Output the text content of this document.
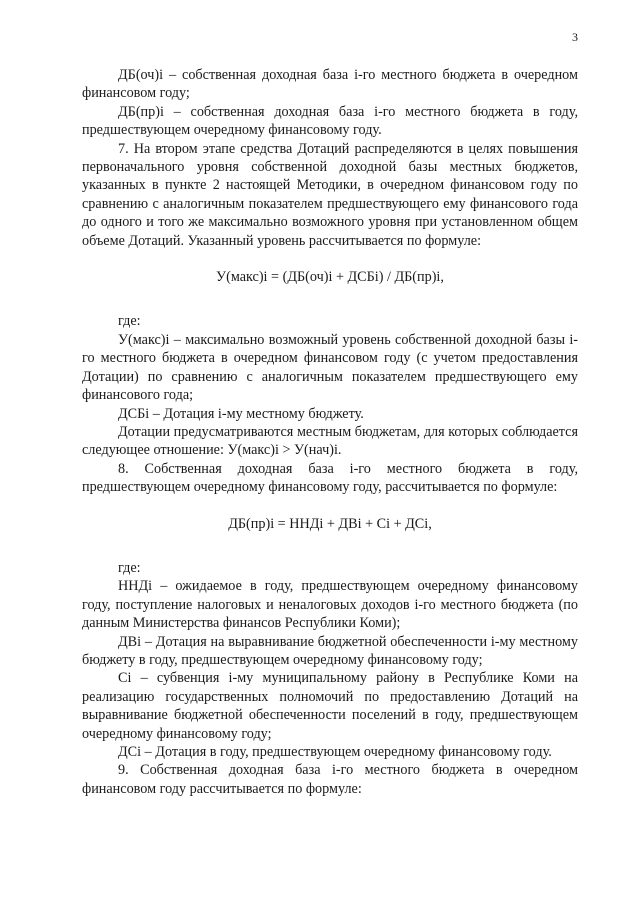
3

ДБ(оч)i – собственная доходная база i-го местного бюджета в очередном финансовом году;

ДБ(пр)i – собственная доходная база i-го местного бюджета в году, предшествующем очередному финансовому году.

7. На втором этапе средства Дотаций распределяются в целях повышения первоначального уровня собственной доходной базы местных бюджетов, указанных в пункте 2 настоящей Методики, в очередном финансовом году по сравнению с аналогичным показателем предшествующего ему финансового года до одного и того же максимально возможного уровня при установленном общем объеме Дотаций. Указанный уровень рассчитывается по формуле:

У(макс)i = (ДБ(оч)i + ДСБi) / ДБ(пр)i,

где:

У(макс)i – максимально возможный уровень собственной доходной базы i-го местного бюджета в очередном финансовом году (с учетом предоставления Дотации) по сравнению с аналогичным показателем предшествующего ему финансового года;

ДСБi – Дотация i-му местному бюджету.

Дотации предусматриваются местным бюджетам, для которых соблюдается следующее отношение: У(макс)i > У(нач)i.

8. Собственная доходная база i-го местного бюджета в году, предшествующем очередному финансовому году, рассчитывается по формуле:

ДБ(пр)i = ННДi + ДВi + Сi + ДСi,

где:

ННДi – ожидаемое в году, предшествующем очередному финансовому году, поступление налоговых и неналоговых доходов i-го местного бюджета (по данным Министерства финансов Республики Коми);

ДВi – Дотация на выравнивание бюджетной обеспеченности i-му местному бюджету в году, предшествующем очередному финансовому году;

Сi – субвенция i-му муниципальному району в Республике Коми на реализацию государственных полномочий по предоставлению Дотаций на выравнивание бюджетной обеспеченности поселений в году, предшествующем очередному финансовому году;

ДСi – Дотация в году, предшествующем очередному финансовому году.

9. Собственная доходная база i-го местного бюджета в очередном финансовом году рассчитывается по формуле:
